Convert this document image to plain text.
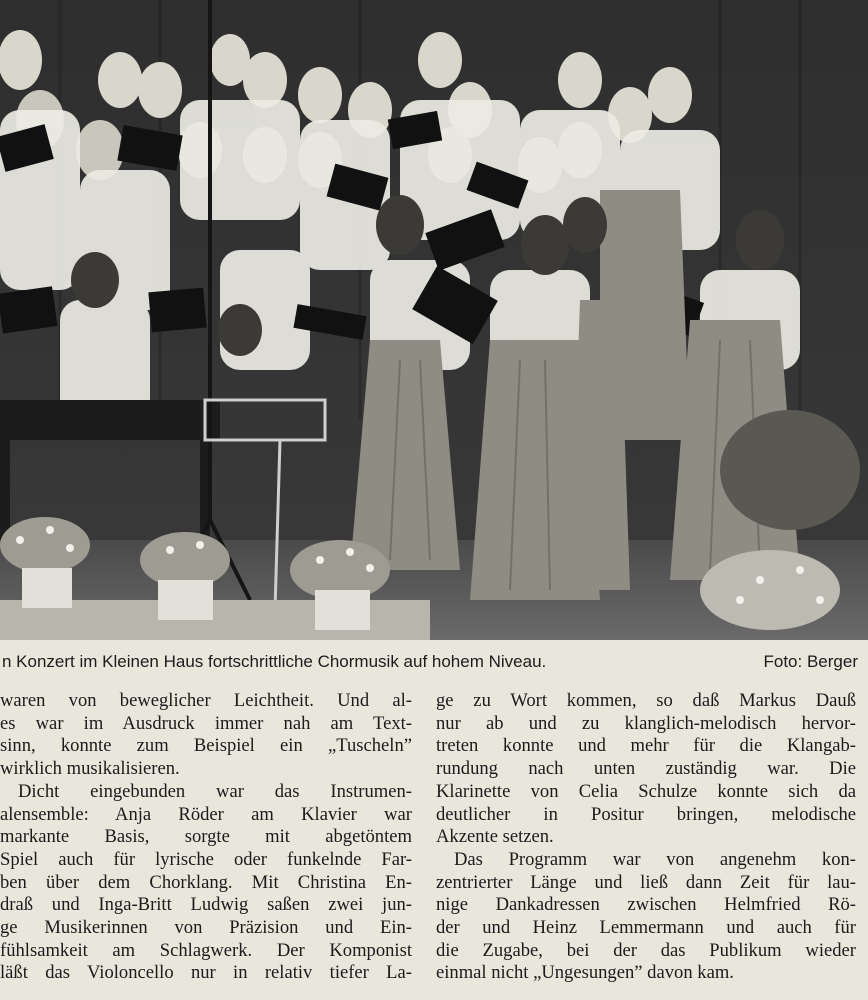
n Konzert im Kleinen Haus fortschrittliche Chormusik auf hohem Niveau.	Foto: Berger
waren von beweglicher Leichtheit. Und al-
es war im Ausdruck immer nah am Text-
sinn, konnte zum Beispiel ein „Tuscheln”
wirklich musikalisieren.
Dicht eingebunden war das Instrumen-
alensemble: Anja Röder am Klavier war
markante Basis, sorgte mit abgetöntem
Spiel auch für lyrische oder funkelnde Far-
ben über dem Chorklang. Mit Christina En-
draß und Inga-Britt Ludwig saßen zwei jun-
ge Musikerinnen von Präzision und Ein-
fühlsamkeit am Schlagwerk. Der Komponist
läßt das Violoncello nur in relativ tiefer La-
ge zu Wort kommen, so daß Markus Dauß
nur ab und zu klanglich-melodisch hervor-
treten konnte und mehr für die Klangab-
rundung nach unten zuständig war. Die
Klarinette von Celia Schulze konnte sich da
deutlicher in Positur bringen, melodische
Akzente setzen.
Das Programm war von angenehm kon-
zentrierter Länge und ließ dann Zeit für lau-
nige Dankadressen zwischen Helmfried Rö-
der und Heinz Lemmermann und auch für
die Zugabe, bei der das Publikum wieder
einmal nicht „Ungesungen” davon kam.
